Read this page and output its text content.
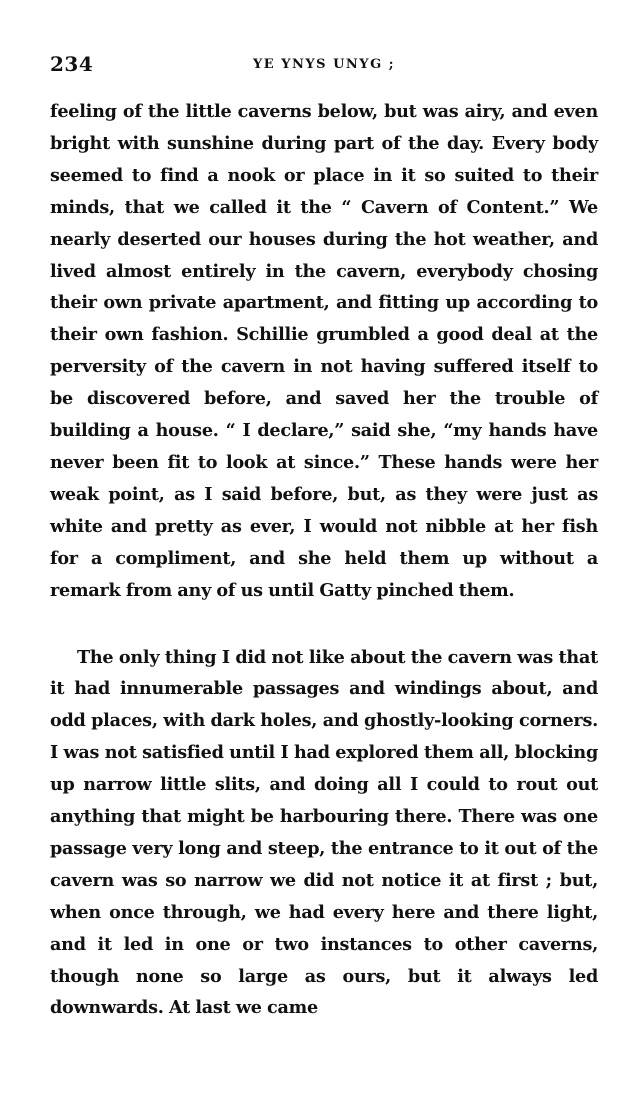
234	YE YNYS UNYG ;

feeling of the little caverns below, but was airy, and even bright with sunshine during part of the day. Every body seemed to find a nook or place in it so suited to their minds, that we called it the “ Cavern of Content.” We nearly deserted our houses during the hot weather, and lived almost entirely in the cavern, everybody chosing their own private apartment, and fitting up according to their own fashion. Schillie grumbled a good deal at the perversity of the cavern in not having suffered itself to be discovered before, and saved her the trouble of building a house. “ I declare,” said she, “my hands have never been fit to look at since.” These hands were her weak point, as I said before, but, as they were just as white and pretty as ever, I would not nibble at her fish for a compliment, and she held them up without a remark from any of us until Gatty pinched them.

The only thing I did not like about the cavern was that it had innumerable passages and windings about, and odd places, with dark holes, and ghostly-looking corners. I was not satisfied until I had explored them all, blocking up narrow little slits, and doing all I could to rout out anything that might be harbouring there. There was one passage very long and steep, the entrance to it out of the cavern was so narrow we did not notice it at first ; but, when once through, we had every here and there light, and it led in one or two instances to other caverns, though none so large as ours, but it always led downwards. At last we came
